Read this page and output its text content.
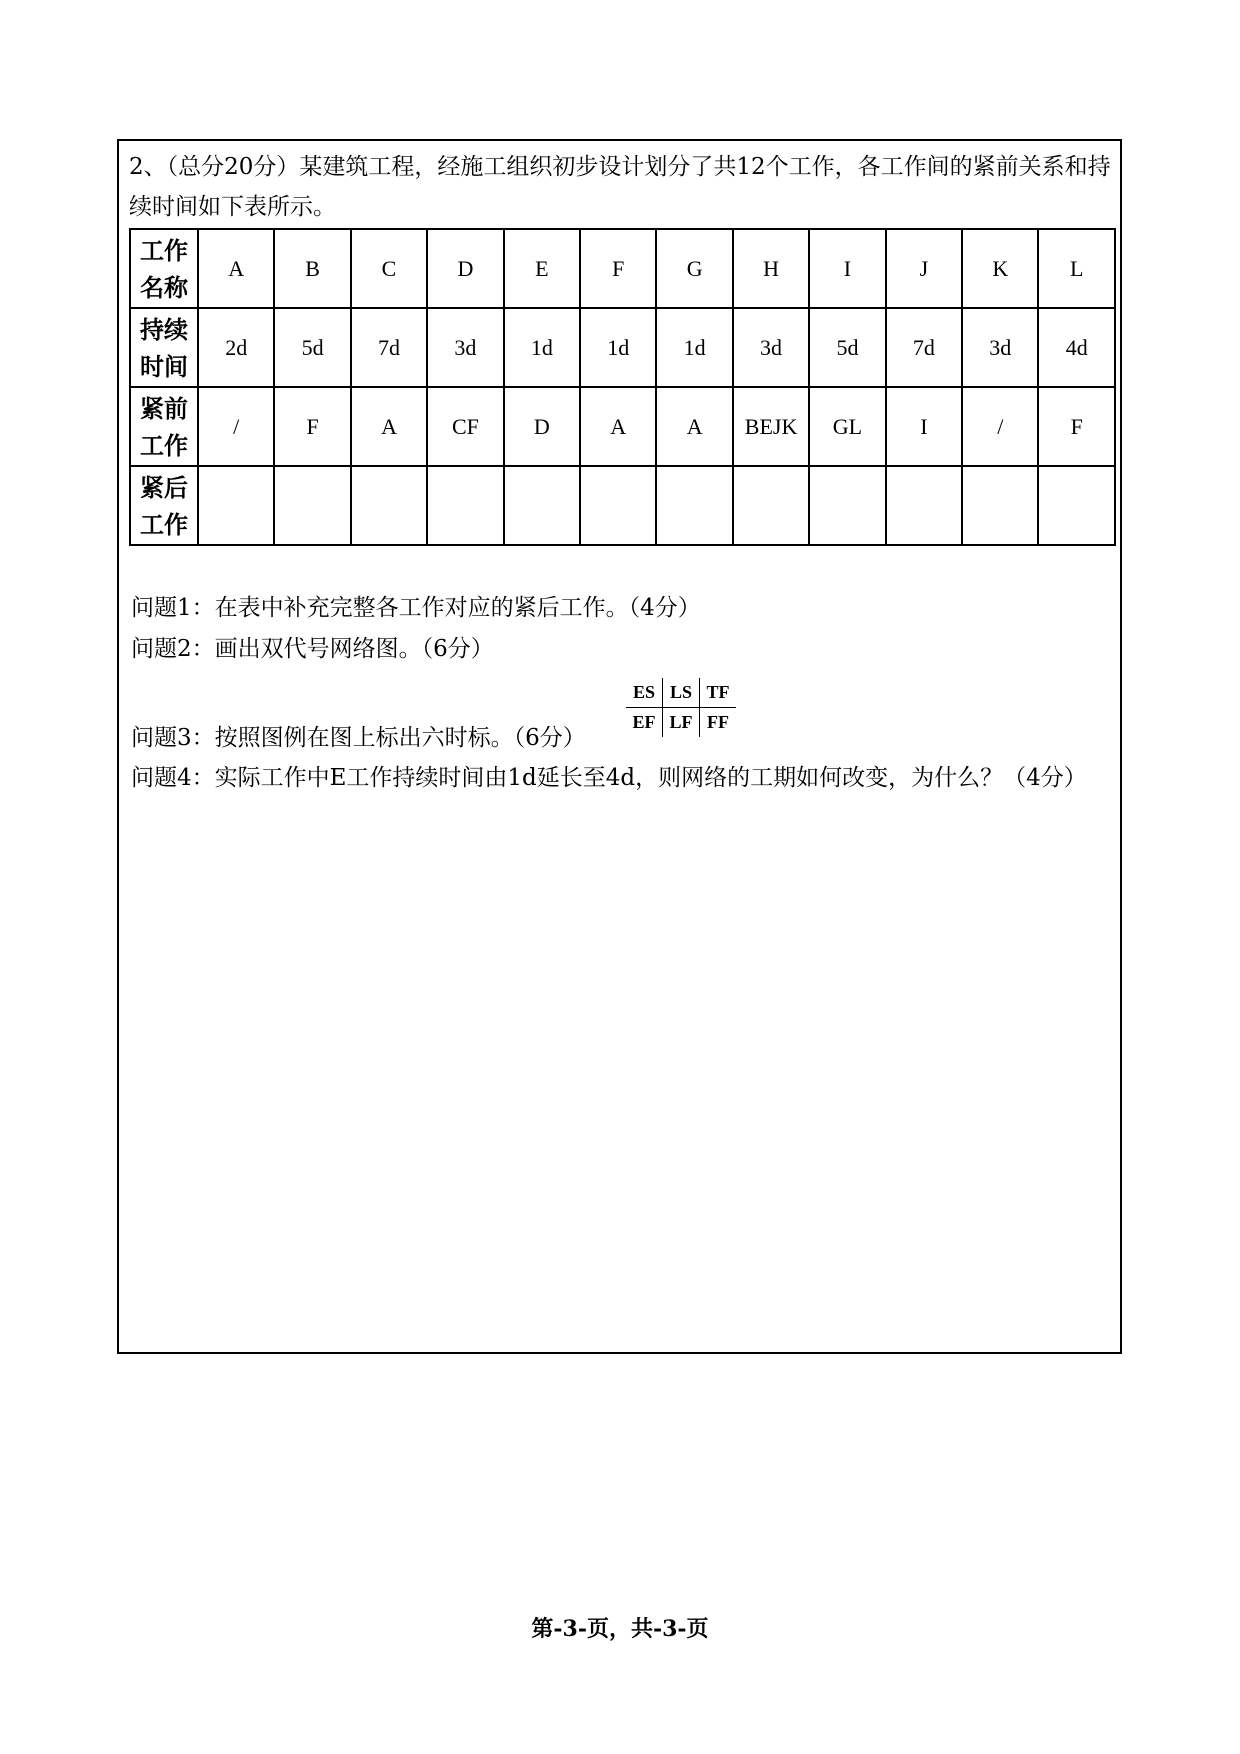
2、（总分20分）某建筑工程，经施工组织初步设计划分了共12个工作，各工作间的紧前关系和持续时间如下表所示。
工作名称	A	B	C	D	E	F	G	H	I	J	K	L
持续时间	2d	5d	7d	3d	1d	1d	1d	3d	5d	7d	3d	4d
紧前工作	/	F	A	CF	D	A	A	BEJK	GL	I	/	F
紧后工作												
问题1：在表中补充完整各工作对应的紧后工作。（4分）
问题2：画出双代号网络图。（6分）
ES	LS	TF
EF	LF	FF
问题3：按照图例在图上标出六时标。（6分）
问题4：实际工作中E工作持续时间由1d延长至4d，则网络的工期如何改变，为什么？（4分）
第-3-页，共-3-页
